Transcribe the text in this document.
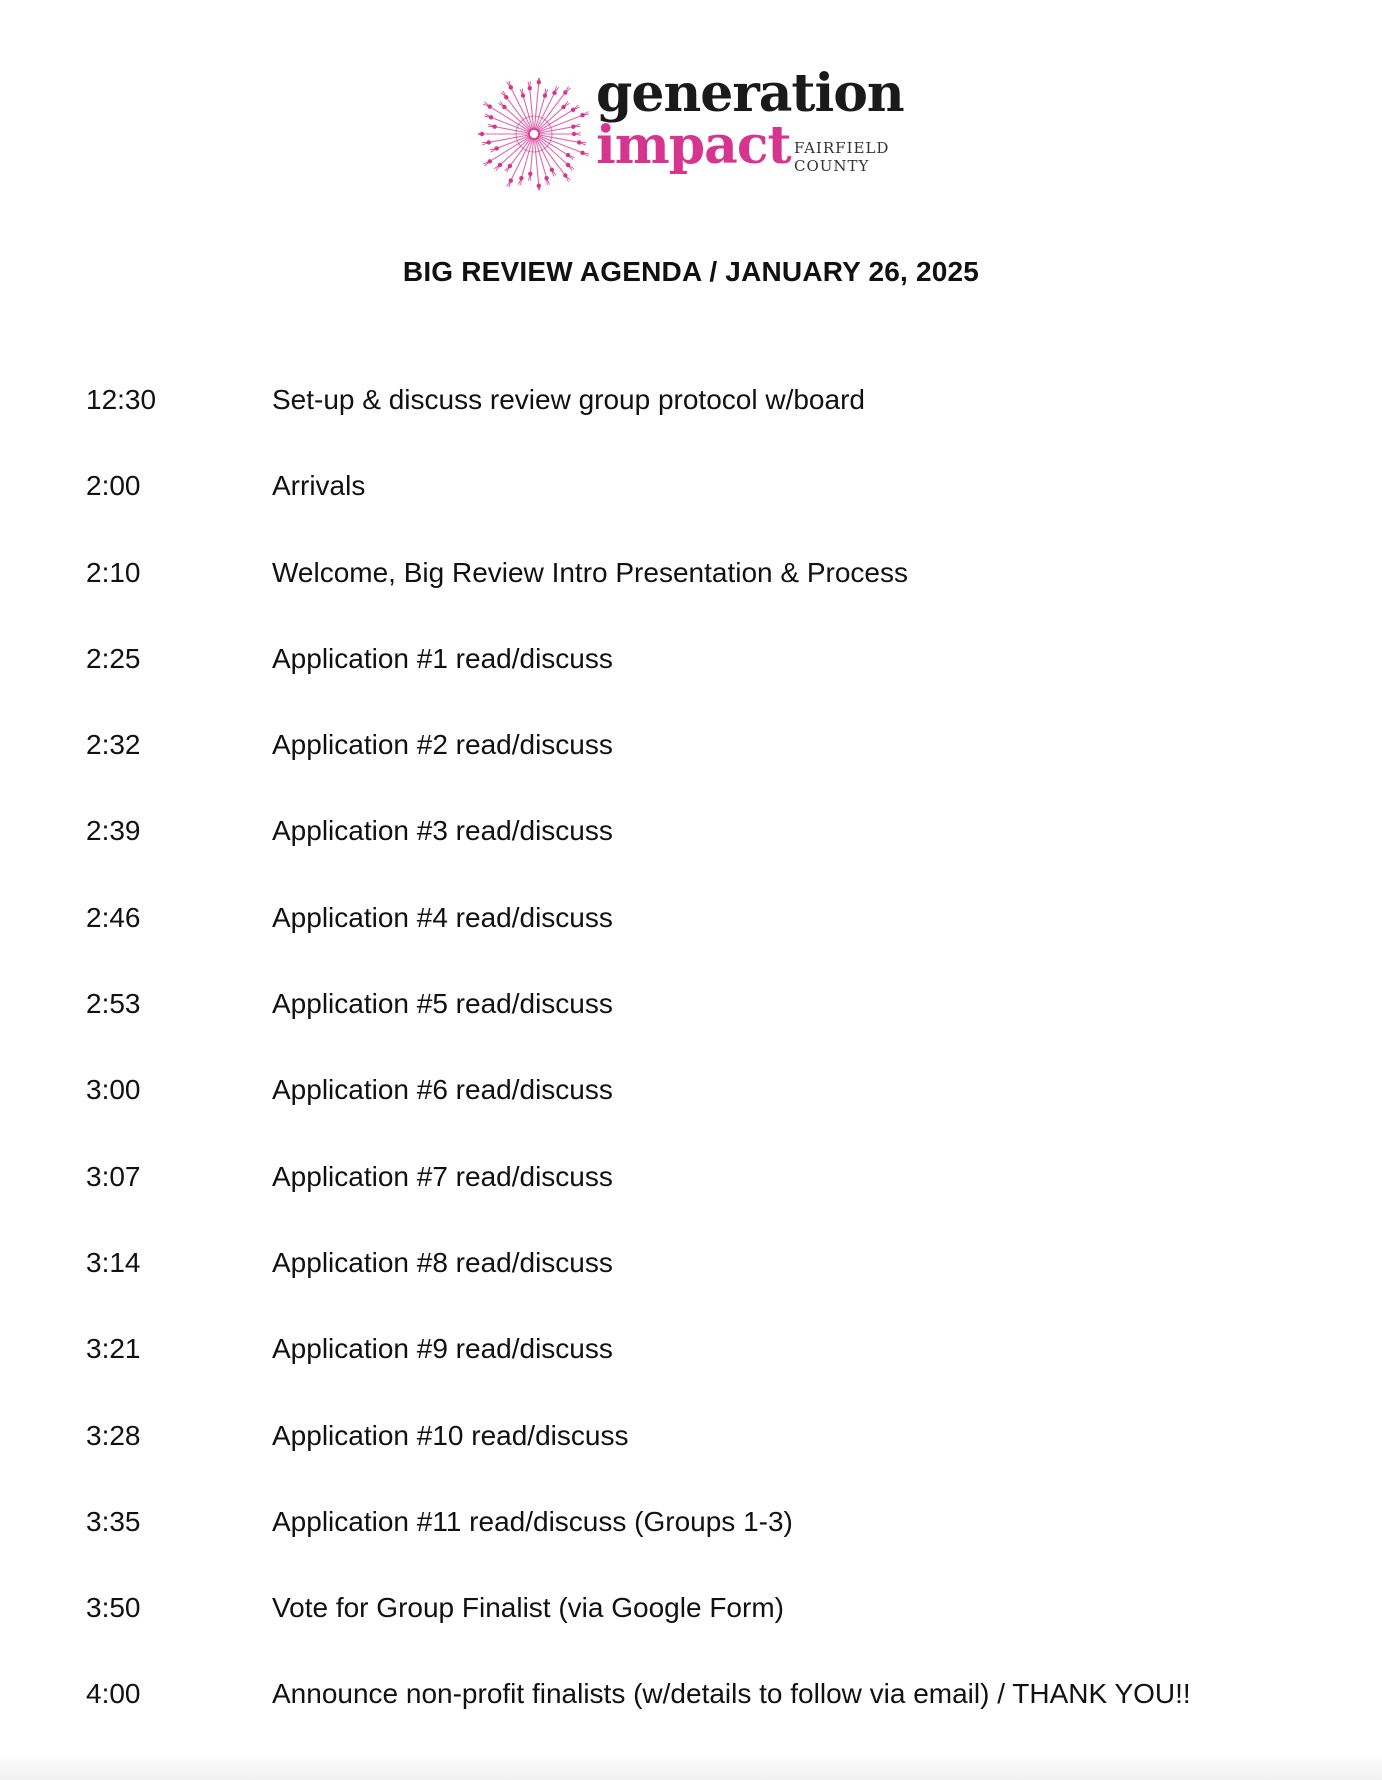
generation
impact FAIRFIELD
COUNTY
BIG REVIEW AGENDA / JANUARY 26, 2025
12:30	Set-up & discuss review group protocol w/board
2:00	Arrivals
2:10	Welcome, Big Review Intro Presentation & Process
2:25	Application #1 read/discuss
2:32	Application #2 read/discuss
2:39	Application #3 read/discuss
2:46	Application #4 read/discuss
2:53	Application #5 read/discuss
3:00	Application #6 read/discuss
3:07	Application #7 read/discuss
3:14	Application #8 read/discuss
3:21	Application #9 read/discuss
3:28	Application #10 read/discuss
3:35	Application #11 read/discuss (Groups 1-3)
3:50	Vote for Group Finalist (via Google Form)
4:00	Announce non-profit finalists (w/details to follow via email) / THANK YOU!!
